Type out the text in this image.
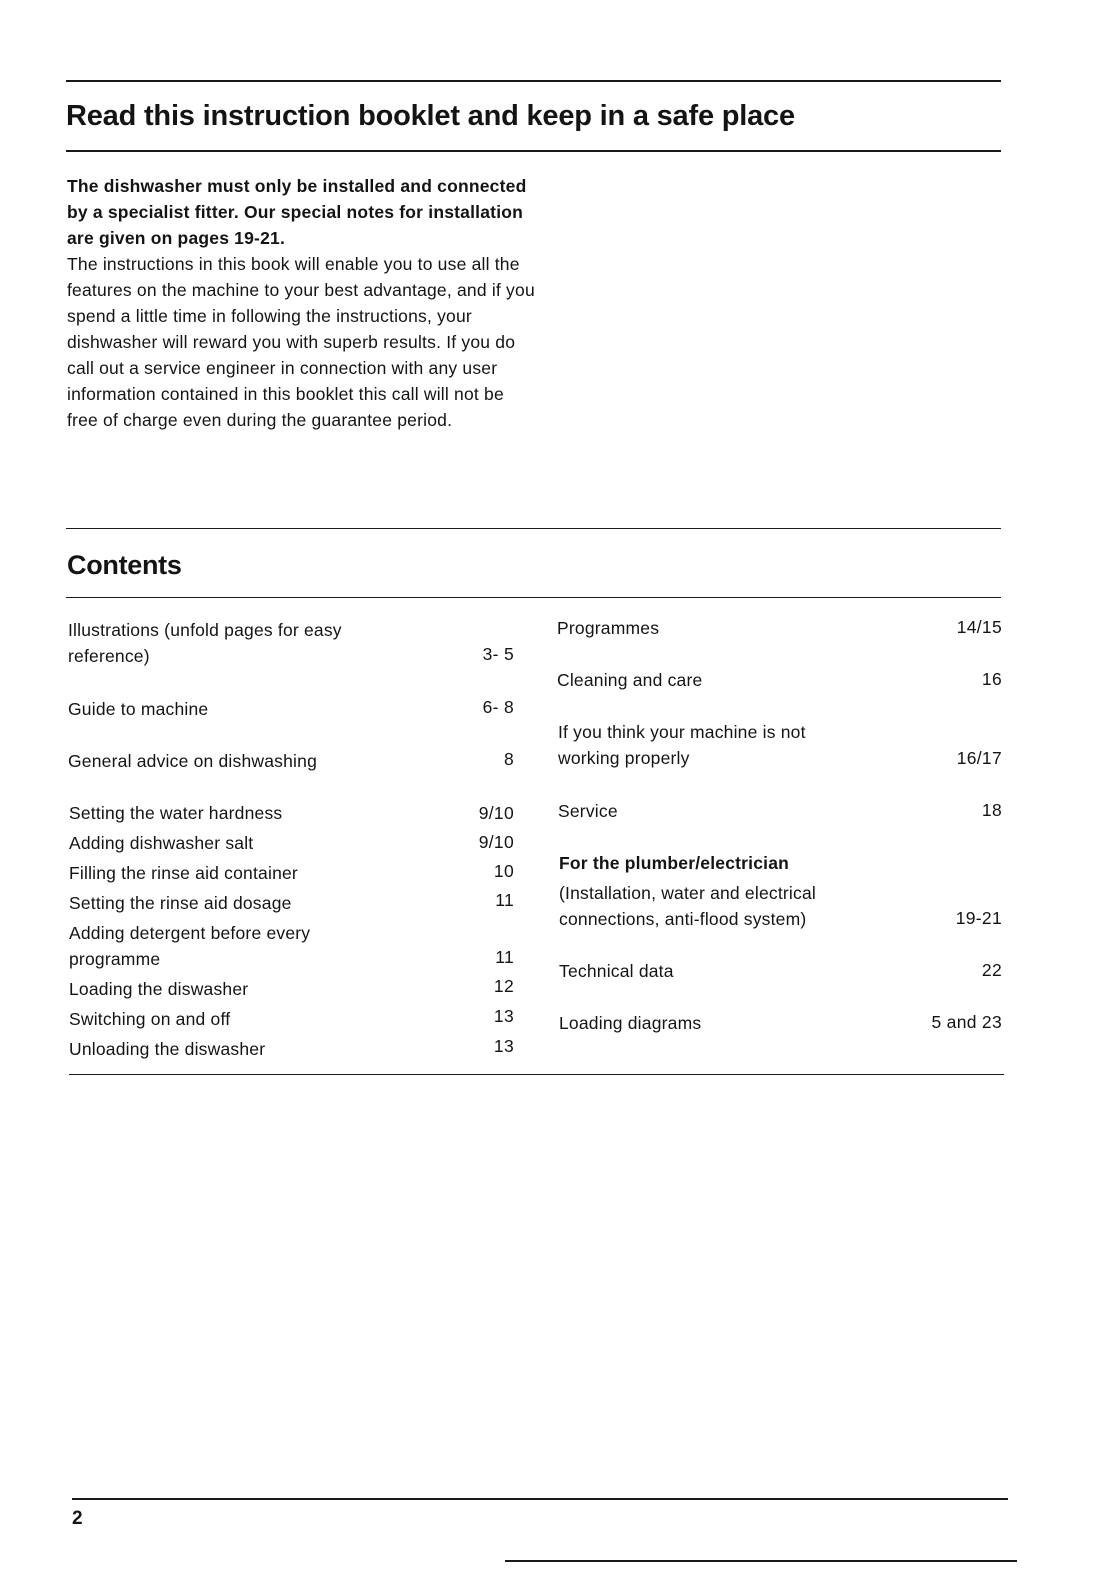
Read this instruction booklet and keep in a safe place

The dishwasher must only be installed and connected by a specialist fitter. Our special notes for installation are given on pages 19-21.

The instructions in this book will enable you to use all the features on the machine to your best advantage, and if you spend a little time in following the instructions, your dishwasher will reward you with superb results. If you do call out a service engineer in connection with any user information contained in this booklet this call will not be free of charge even during the guarantee period.

Contents
Illustrations (unfold pages for easy
reference)	3- 5
Guide to machine	6- 8
General advice on dishwashing	8
Setting the water hardness	9/10
Adding dishwasher salt	9/10
Filling the rinse aid container	10
Setting the rinse aid dosage	11
Adding detergent before every
programme	11
Loading the diswasher	12
Switching on and off	13
Unloading the diswasher	13
Programmes	14/15
Cleaning and care	16
If you think your machine is not
working properly	16/17
Service	18
For the plumber/electrician
(Installation, water and electrical
connections, anti-flood system)	19-21
Technical data	22
Loading diagrams	5 and 23
2
